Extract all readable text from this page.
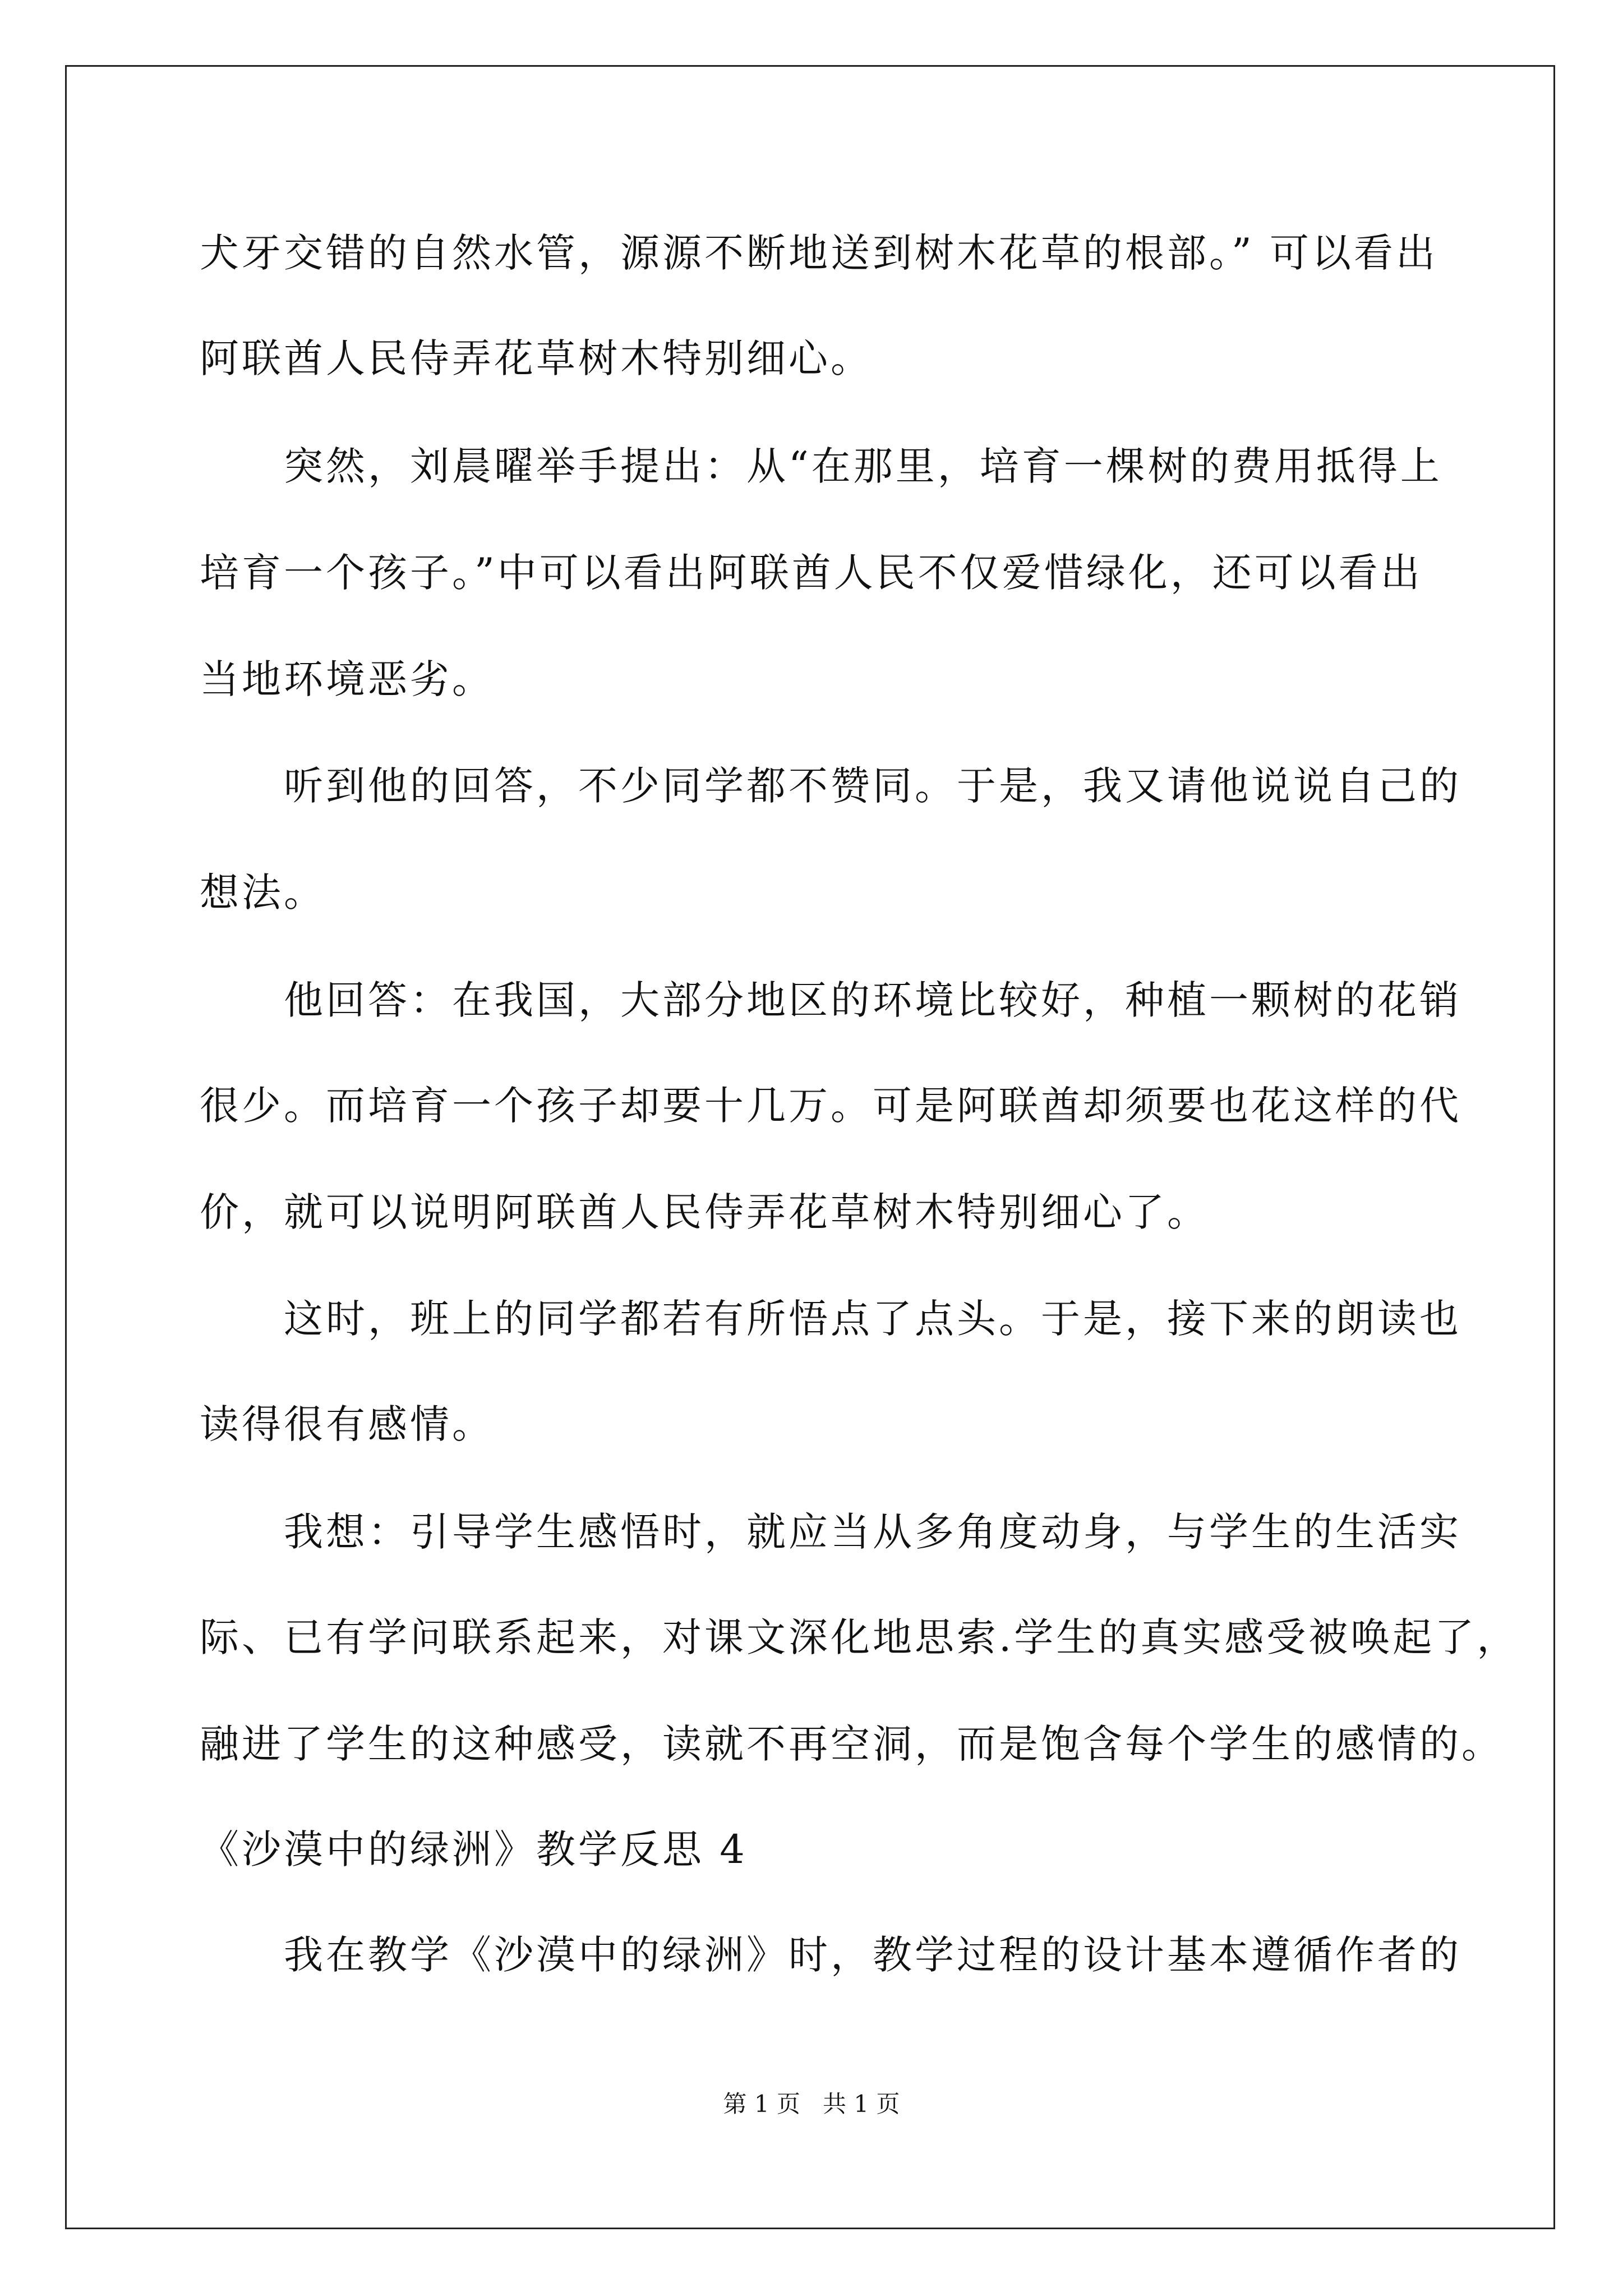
犬牙交错的自然水管，源源不断地送到树木花草的根部。” 可以看出
阿联酋人民侍弄花草树木特别细心。
突然，刘晨曜举手提出：从“在那里，培育一棵树的费用抵得上
培育一个孩子。”中可以看出阿联酋人民不仅爱惜绿化，还可以看出
当地环境恶劣。
听到他的回答，不少同学都不赞同。于是，我又请他说说自己的
想法。
他回答：在我国，大部分地区的环境比较好，种植一颗树的花销
很少。而培育一个孩子却要十几万。可是阿联酋却须要也花这样的代
价，就可以说明阿联酋人民侍弄花草树木特别细心了。
这时，班上的同学都若有所悟点了点头。于是，接下来的朗读也
读得很有感情。
我想：引导学生感悟时，就应当从多角度动身，与学生的生活实
际、已有学问联系起来，对课文深化地思索.学生的真实感受被唤起了，
融进了学生的这种感受，读就不再空洞，而是饱含每个学生的感情的。
《沙漠中的绿洲》教学反思 4
我在教学《沙漠中的绿洲》时，教学过程的设计基本遵循作者的
第 1 页   共 1 页
